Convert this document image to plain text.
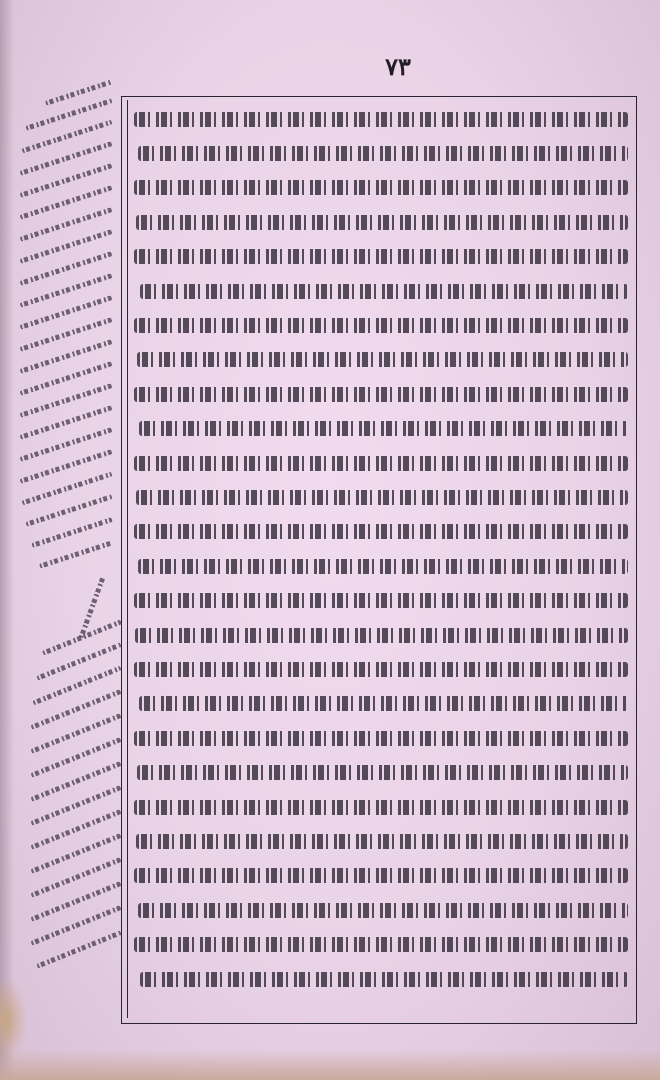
۷۳
